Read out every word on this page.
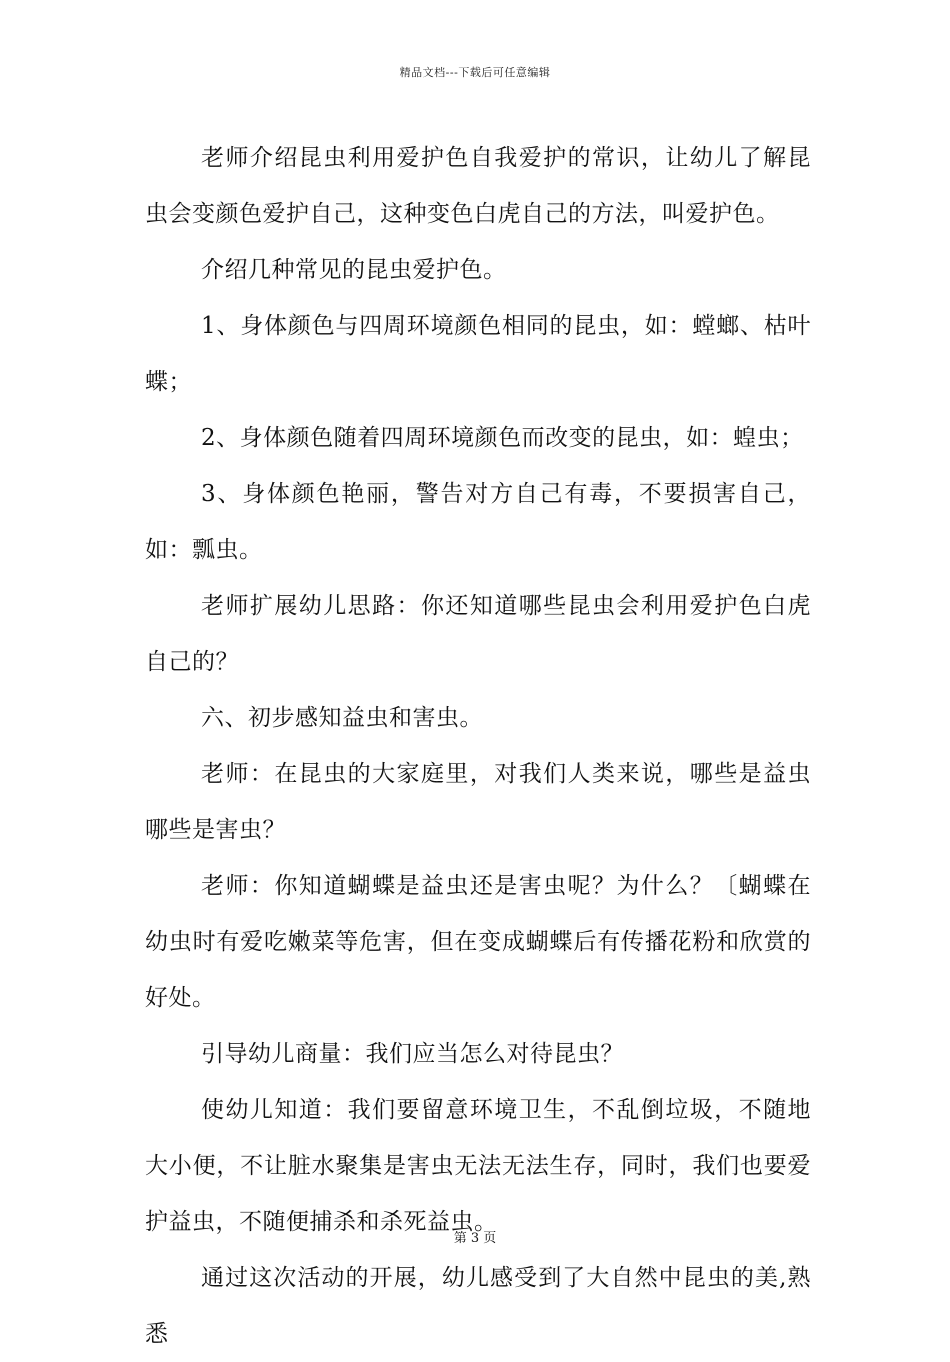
精品文档---下载后可任意编辑

老师介绍昆虫利用爱护色自我爱护的常识，让幼儿了解昆虫会变颜色爱护自己，这种变色白虎自己的方法，叫爱护色。

介绍几种常见的昆虫爱护色。

1、身体颜色与四周环境颜色相同的昆虫，如：螳螂、枯叶蝶；

2、身体颜色随着四周环境颜色而改变的昆虫，如：蝗虫；

3、身体颜色艳丽，警告对方自己有毒，不要损害自己，如：瓢虫。

老师扩展幼儿思路：你还知道哪些昆虫会利用爱护色白虎自己的？

六、初步感知益虫和害虫。

老师：在昆虫的大家庭里，对我们人类来说，哪些是益虫哪些是害虫？

老师：你知道蝴蝶是益虫还是害虫呢？为什么？〔蝴蝶在幼虫时有爱吃嫩菜等危害，但在变成蝴蝶后有传播花粉和欣赏的好处。

引导幼儿商量：我们应当怎么对待昆虫？

使幼儿知道：我们要留意环境卫生，不乱倒垃圾，不随地大小便，不让脏水聚集是害虫无法无法生存，同时，我们也要爱护益虫，不随便捕杀和杀死益虫。

通过这次活动的开展，幼儿感受到了大自然中昆虫的美,熟悉

第 3 页
